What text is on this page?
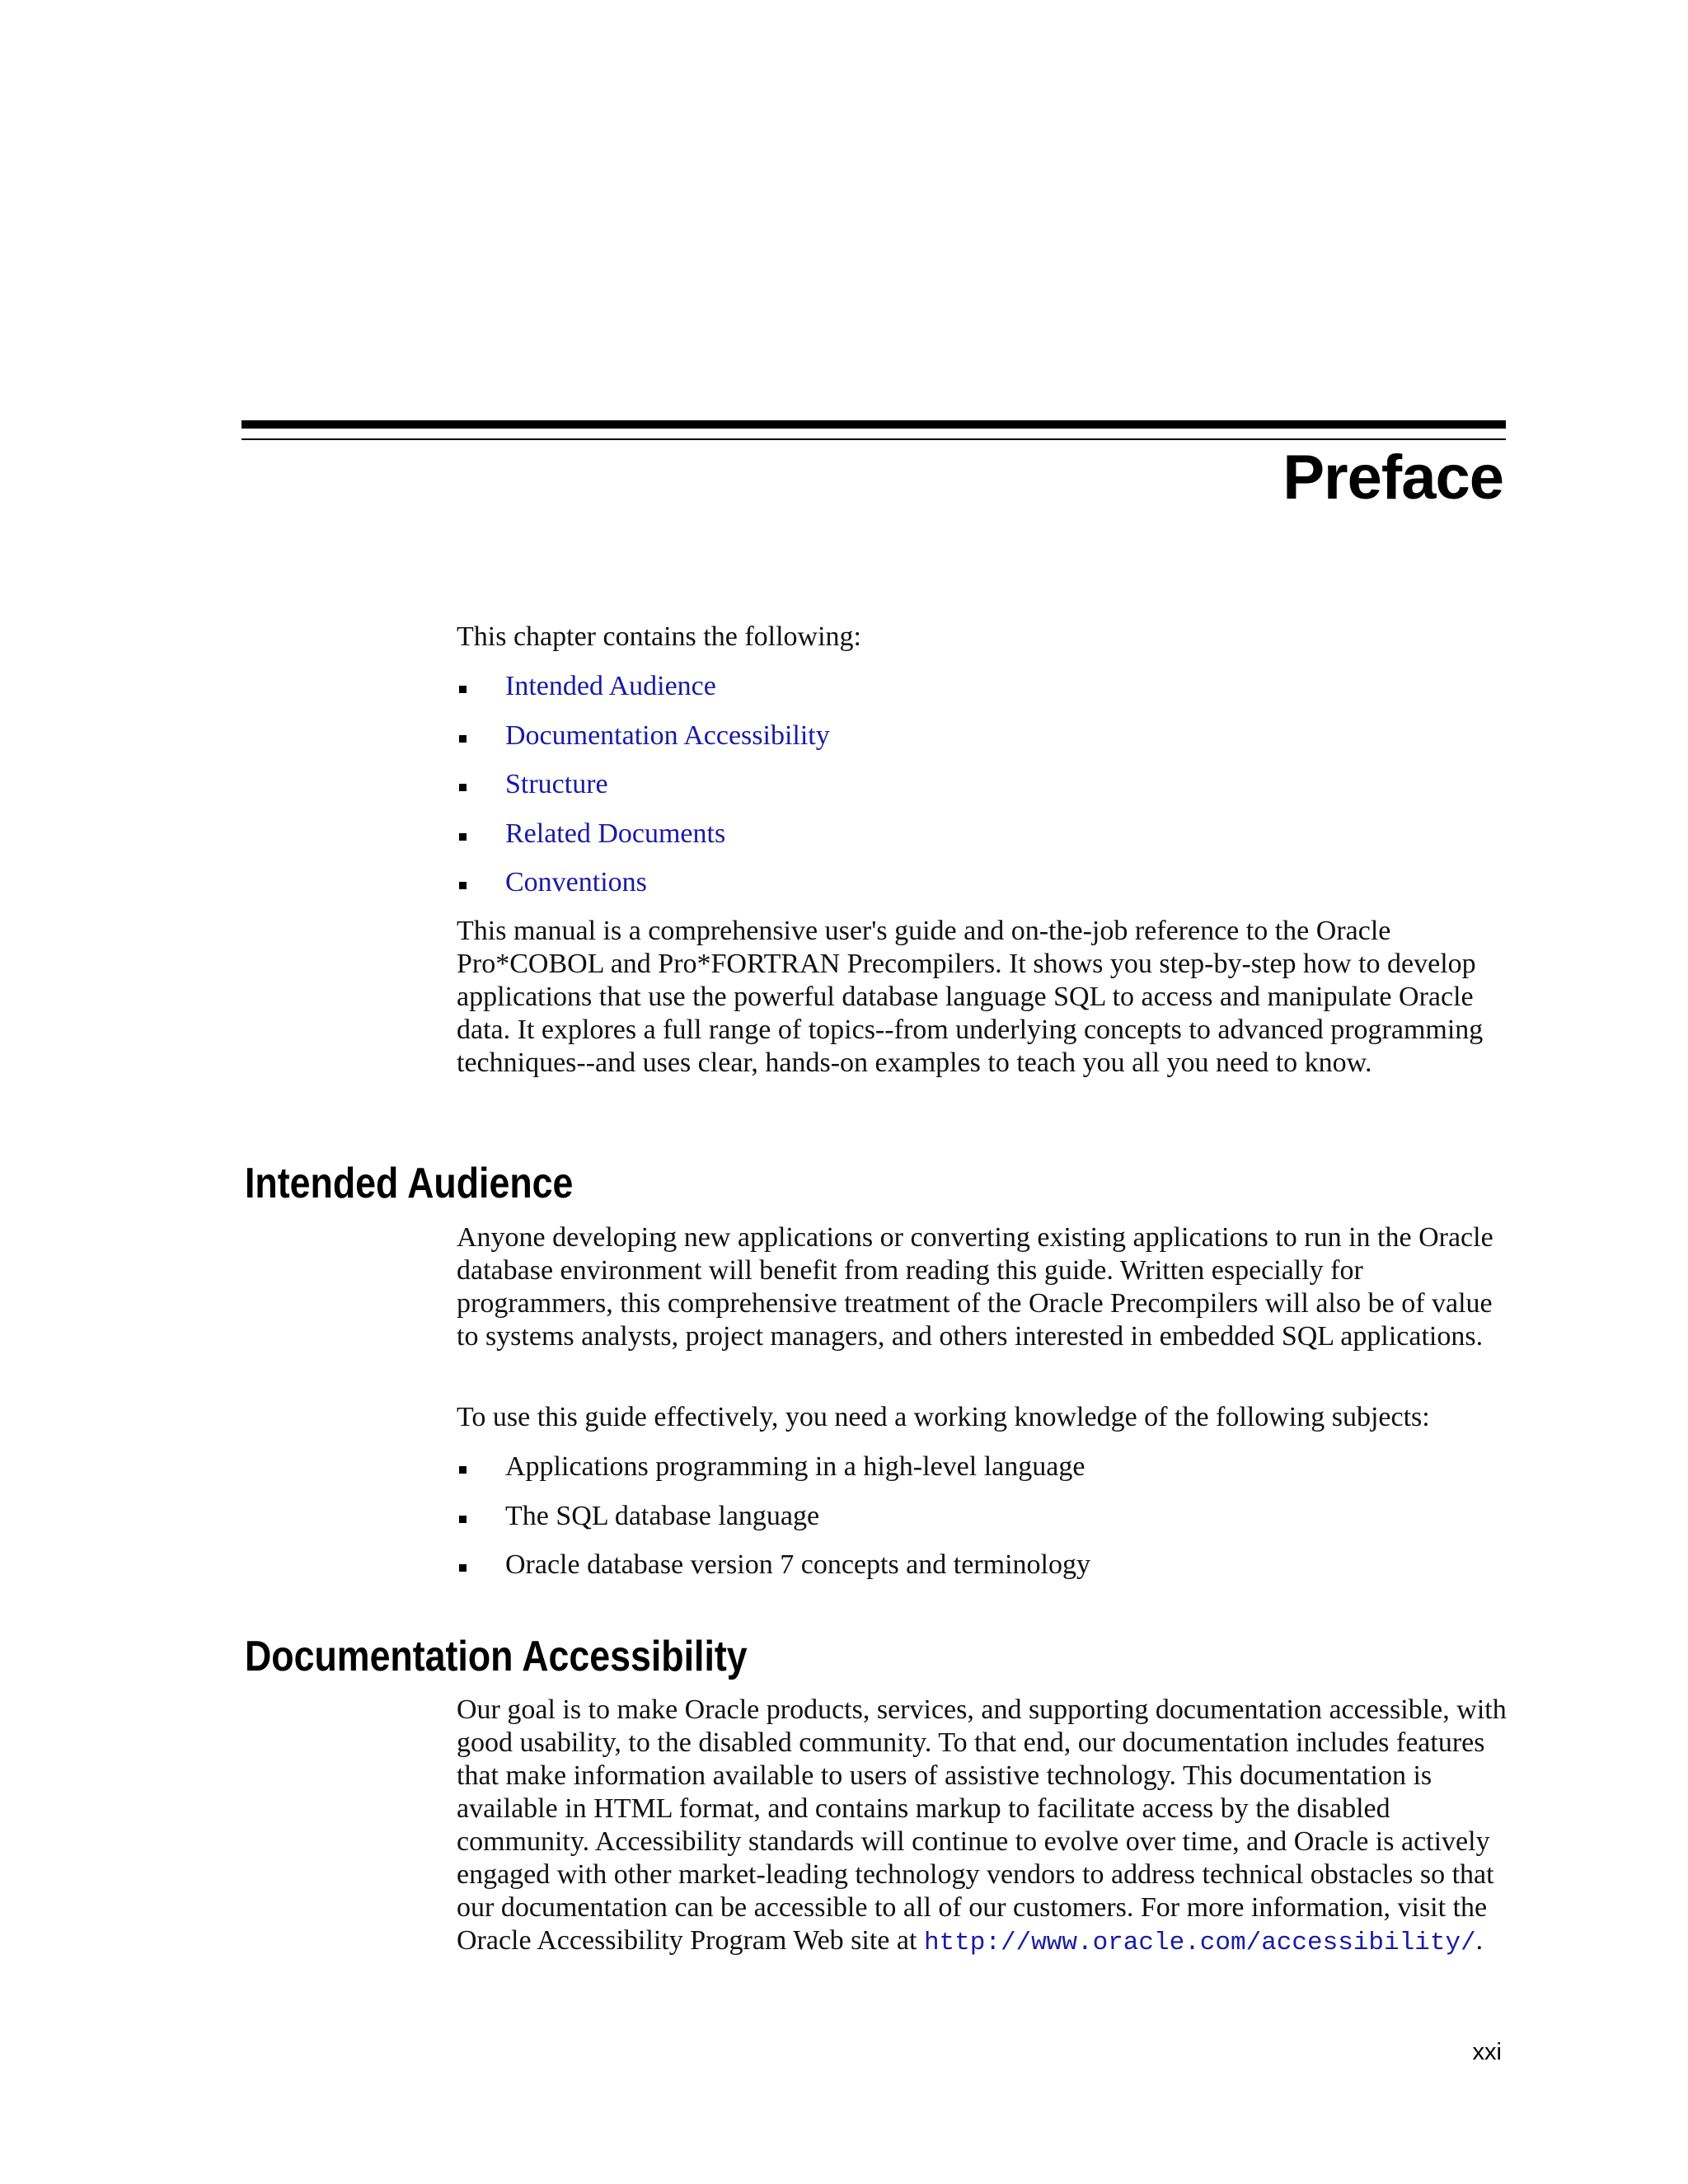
Preface

This chapter contains the following:

Intended Audience
Documentation Accessibility
Structure
Related Documents
Conventions

This manual is a comprehensive user's guide and on-the-job reference to the Oracle Pro*COBOL and Pro*FORTRAN Precompilers. It shows you step-by-step how to develop applications that use the powerful database language SQL to access and manipulate Oracle data. It explores a full range of topics--from underlying concepts to advanced programming techniques--and uses clear, hands-on examples to teach you all you need to know.

Anyone developing new applications or converting existing applications to run in the Oracle database environment will benefit from reading this guide. Written especially for programmers, this comprehensive treatment of the Oracle Precompilers will also be of value to systems analysts, project managers, and others interested in embedded SQL applications.

To use this guide effectively, you need a working knowledge of the following subjects:

Applications programming in a high-level language
The SQL database language
Oracle database version 7 concepts and terminology

Our goal is to make Oracle products, services, and supporting documentation accessible, with good usability, to the disabled community. To that end, our documentation includes features that make information available to users of assistive technology. This documentation is available in HTML format, and contains markup to facilitate access by the disabled community. Accessibility standards will continue to evolve over time, and Oracle is actively engaged with other market-leading technology vendors to address technical obstacles so that our documentation can be accessible to all of our customers. For more information, visit the Oracle Accessibility Program Web site at http://www.oracle.com/accessibility/.

Intended Audience
Documentation Accessibility
xxi
